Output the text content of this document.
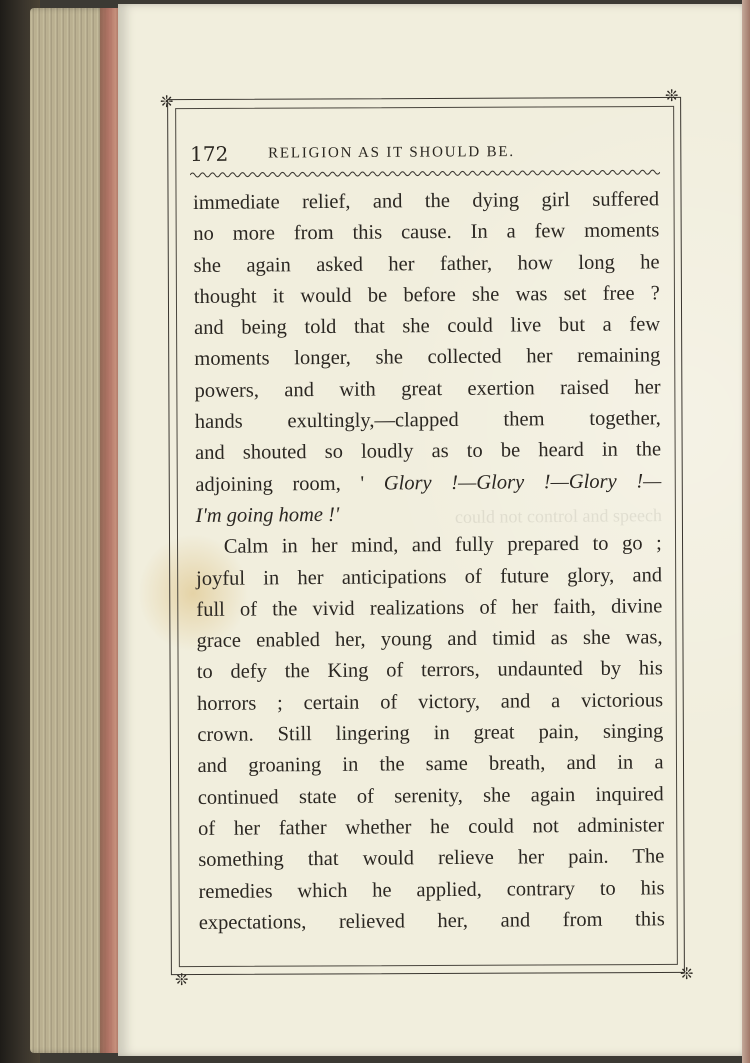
❊	❊
❊	❊
172	RELIGION AS IT SHOULD BE.
could not control and speech
immediate relief, and the dying girl suffered
no more from this cause. In a few moments
she again asked her father, how long he
thought it would be before she was set free ?
and being told that she could live but a few
moments longer, she collected her remaining
powers, and with great exertion raised her
hands exultingly,—clapped them together,
and shouted so loudly as to be heard in the
adjoining room, ' Glory !—Glory !—Glory !—
I'm going home !'
Calm in her mind, and fully prepared to go ;
joyful in her anticipations of future glory, and
full of the vivid realizations of her faith, divine
grace enabled her, young and timid as she was,
to defy the King of terrors, undaunted by his
horrors ; certain of victory, and a victorious
crown. Still lingering in great pain, singing
and groaning in the same breath, and in a
continued state of serenity, she again inquired
of her father whether he could not administer
something that would relieve her pain. The
remedies which he applied, contrary to his
expectations, relieved her, and from this
